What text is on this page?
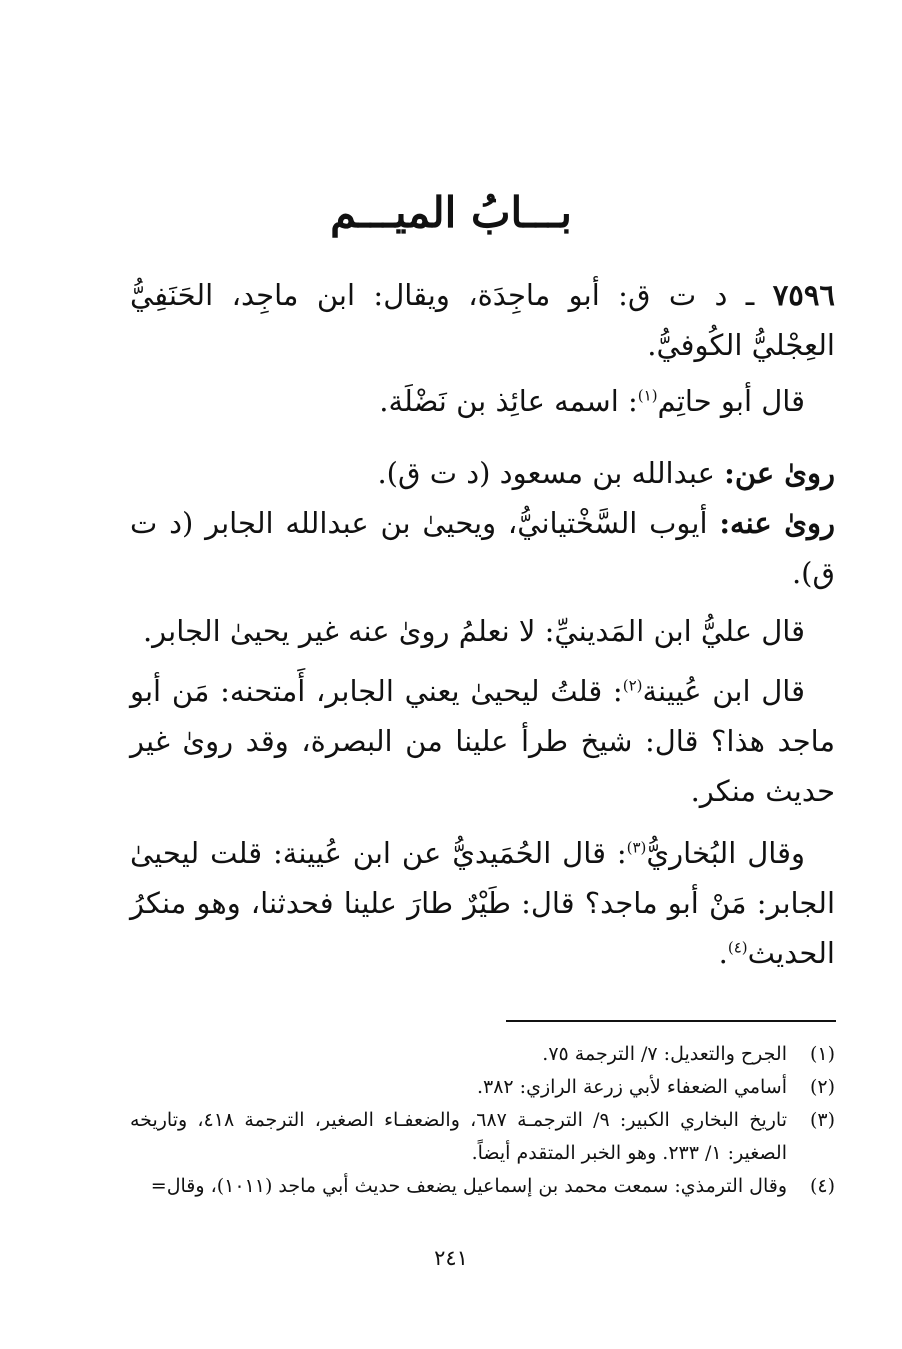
بـــابُ الميـــم

٧٥٩٦ ـ د ت ق: أبو ماجِدَة، ويقال: ابن ماجِد، الحَنَفِيُّ العِجْليُّ الكُوفيُّ.

قال أبو حاتِم$^{(١)}$: اسمه عائِذ بن نَضْلَة.

روىٰ عن: عبدالله بن مسعود (د ت ق).

روىٰ عنه: أيوب السَّخْتيانيُّ، ويحيىٰ بن عبدالله الجابر (د ت ق).

قال عليُّ ابن المَدينيِّ: لا نعلمُ روىٰ عنه غير يحيىٰ الجابر.

قال ابن عُيينة$^{(٢)}$: قلتُ ليحيىٰ يعني الجابر، أَمتحنه: مَن أبو ماجد هذا؟ قال: شيخ طرأ علينا من البصرة، وقد روىٰ غير حديث منكر.

وقال البُخاريُّ$^{(٣)}$: قال الحُمَيديُّ عن ابن عُيينة: قلت ليحيىٰ الجابر: مَنْ أبو ماجد؟ قال: طَيْرٌ طارَ علينا فحدثنا، وهو منكرُ الحديث$^{(٤)}$.

(١)
الجرح والتعديل: ٧/ الترجمة ٧٥.
(٢)
أسامي الضعفاء لأبي زرعة الرازي: ٣٨٢.
(٣)
تاريخ البخاري الكبير: ٩/ الترجمـة ٦٨٧، والضعفـاء الصغير، الترجمة ٤١٨، وتاريخه الصغير: ١/ ٢٣٣. وهو الخبر المتقدم أيضاً.
(٤)
وقال الترمذي: سمعت محمد بن إسماعيل يضعف حديث أبي ماجد (١٠١١)، وقال=
٢٤١
